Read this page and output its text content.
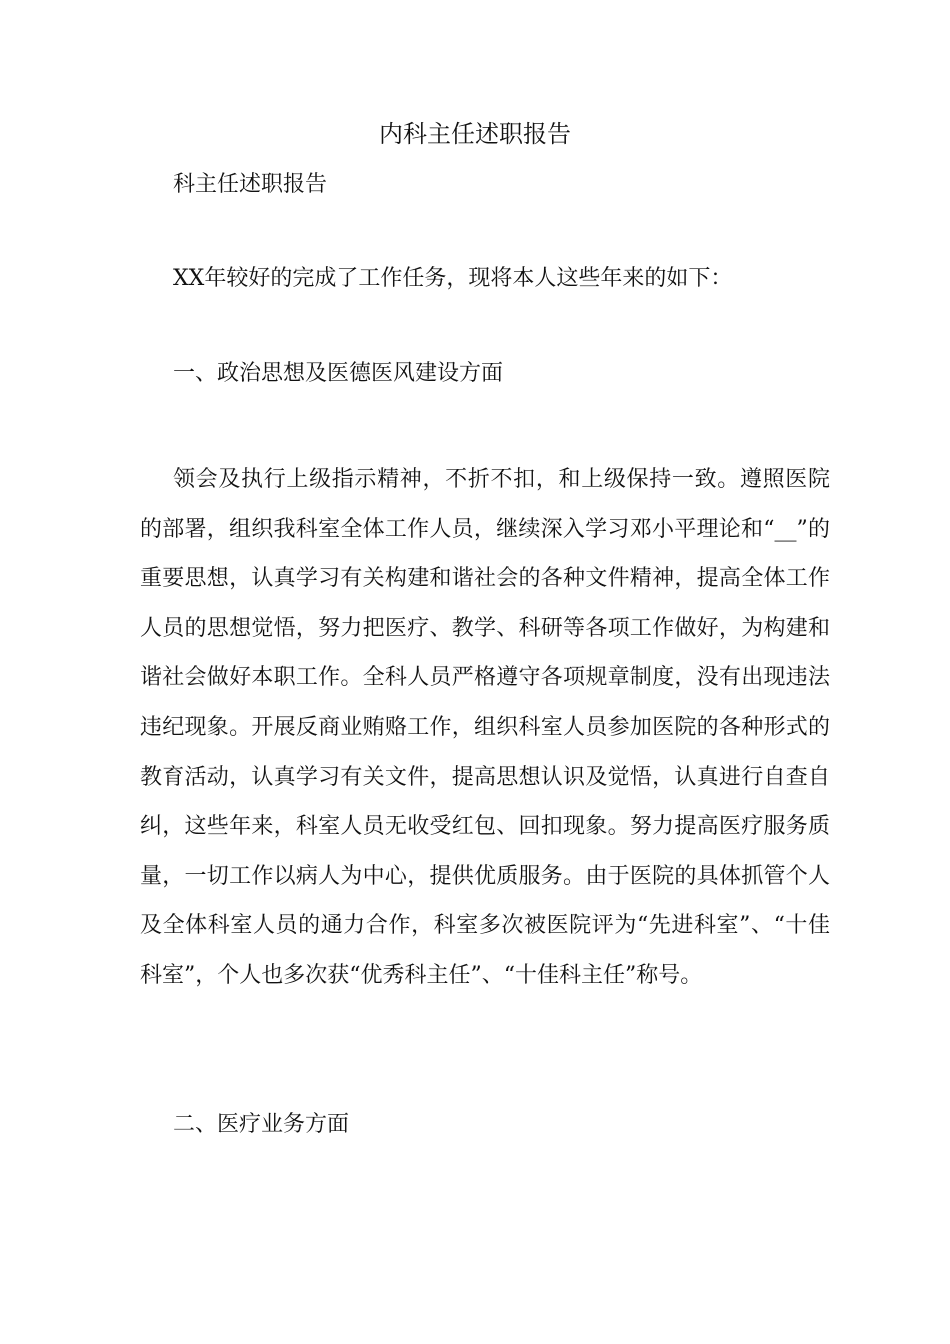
内科主任述职报告

科主任述职报告

XX年较好的完成了工作任务，现将本人这些年来的如下：

一、政治思想及医德医风建设方面

领会及执行上级指示精神，不折不扣，和上级保持一致。遵照医院的部署，组织我科室全体工作人员，继续深入学习邓小平理论和“__”的重要思想，认真学习有关构建和谐社会的各种文件精神，提高全体工作人员的思想觉悟，努力把医疗、教学、科研等各项工作做好，为构建和谐社会做好本职工作。全科人员严格遵守各项规章制度，没有出现违法违纪现象。开展反商业贿赂工作，组织科室人员参加医院的各种形式的教育活动，认真学习有关文件，提高思想认识及觉悟，认真进行自查自纠，这些年来，科室人员无收受红包、回扣现象。努力提高医疗服务质量，一切工作以病人为中心，提供优质服务。由于医院的具体抓管个人及全体科室人员的通力合作，科室多次被医院评为“先进科室”、“十佳科室”，个人也多次获“优秀科主任”、“十佳科主任”称号。

二、医疗业务方面
